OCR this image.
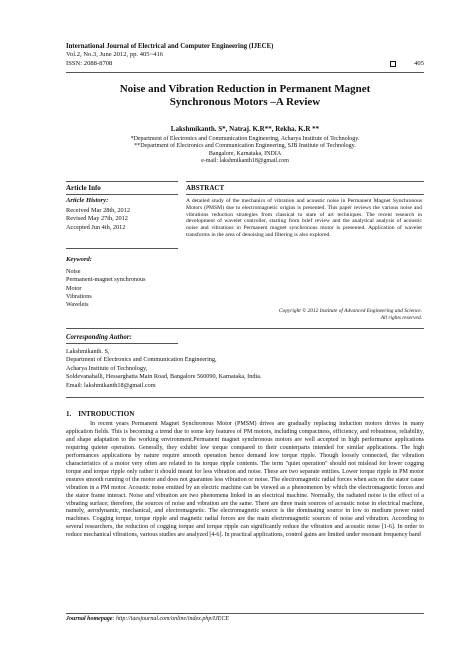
International Journal of Electrical and Computer Engineering (IJECE)
Vol.2, No.3, June 2012, pp. 405~416
ISSN: 2088-8708	405
Noise and Vibration Reduction in Permanent Magnet
Synchronous Motors –A Review
Lakshmikanth. S*, Natraj. K.R**, Rekha. K.R **
*Department of Electronics and Communication Engineering, Acharya Institute of Technology.
**Department of Electronics and Communication Engineering, SJB Institute of Technology.
Bangalore, Karnataka, INDIA
e-mail: lakshmikanth18@gmail.com
Article Info	ABSTRACT
Article History:
Received Mar 28th, 2012
Revised May 27th, 2012
Accepted Jun 4th, 2012
Keyword:
Noise
Permanent-magnet synchronous
Motor
Vibrations
Wavelets
A detailed study of the mechanics of vibration and acoustic noise in Permanent Magnet Synchronous Motors (PMSM) due to electromagnetic origins is presented. This paper reviews the various noise and vibrations reduction strategies from classical to state of art techniques. The recent research in development of wavelet controller, starting from brief review and the analytical analysis of acoustic noise and vibrations in Permanent magnet synchronous motor is presented. Application of wavelet transforms in the area of denoising and filtering is also explored.
Copyright © 2012 Institute of Advanced Engineering and Science.
All rights reserved.
Corresponding Author:
Lakshmikanth. S,
Department of Electronics and Communication Engineering,
Acharya Institute of Technology,
Soldevanahalli, Hessarghatta Main Road, Bangalore 560090, Karnataka, India.
Email: lakshmikanth18@gmail.com
1.    INTRODUCTION

In recent years Permanent Magnet Synchronous Motor (PMSM) drives are gradually replacing induction motors drives in many application fields. This is becoming a trend due to some key features of PM motors, including compactness, efficiency, and robustness, reliability, and shape adaptation to the working environment.Permanent magnet synchronous motors are well accepted in high performance applications requiring quieter operation. Generally, they exhibit low torque compared to their counterparts intended for similar applications. The high performances applications by nature require smooth operation hence demand low torque ripple. Though loosely connected, the vibration characteristics of a motor very often are related to its torque ripple contents. The term "quiet operation" should not mislead for lower cogging torque and torque ripple only rather it should meant for less vibration and noise. These are two separate entities. Lower torque ripple in PM motor ensures smooth running of the motor and does not guarantee less vibration or noise. The electromagnetic radial forces when acts on the stator cause vibration in a PM motor. Acoustic noise emitted by an electric machine can be viewed as a phenomenon by which the electromagnetic forces and the stator frame interact. Noise and vibration are two phenomena linked in an electrical machine. Normally, the radiated noise is the effect of a vibrating surface; therefore, the sources of noise and vibration are the same. There are three main sources of acoustic noise in electrical machine, namely, aerodynamic, mechanical, and electromagnetic. The electromagnetic source is the dominating source in low to medium power rated machines. Cogging torque, torque ripple and magnetic radial forces are the main electromagnetic sources of noise and vibration. According to several researchers, the reduction of cogging torque and torque ripple can significantly reduce the vibration and acoustic noise [1-6]. In order to reduce mechanical vibrations, various studies are analyzed [4-6]. In practical applications, control gains are limited under resonant frequency band

Journal homepage: http://iaesjournal.com/online/index.php/IJECE
